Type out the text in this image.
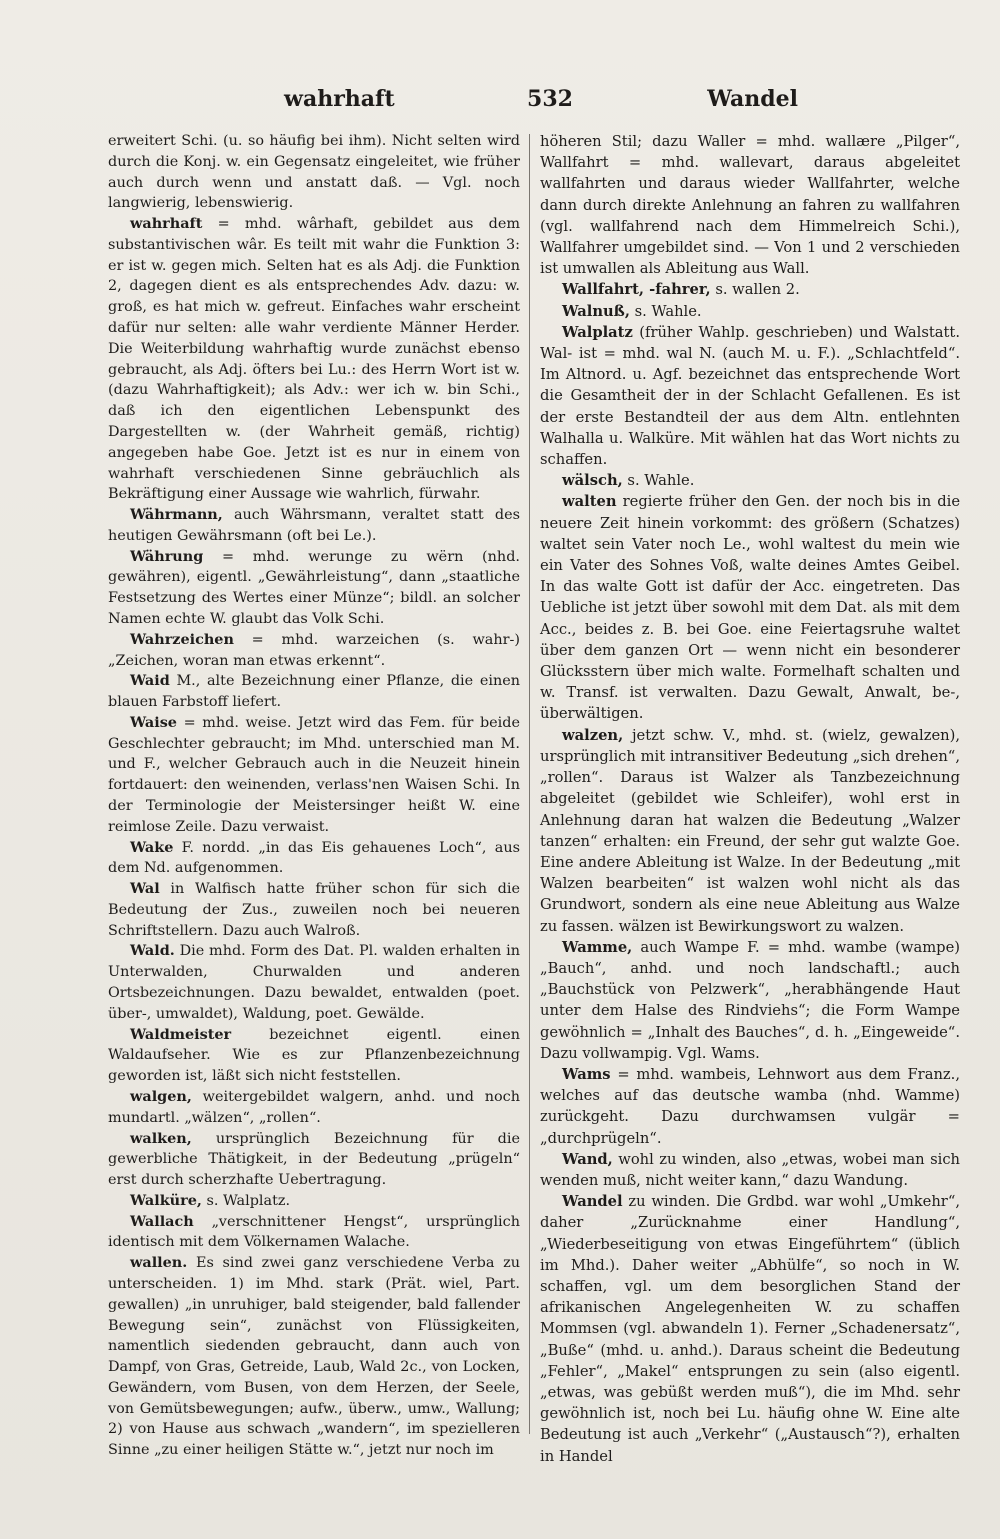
wahrhaft	532	Wandel

erweitert Schi. (u. so häufig bei ihm). Nicht selten wird durch die Konj. w. ein Gegensatz eingeleitet, wie früher auch durch wenn und anstatt daß. — Vgl. noch langwierig, lebenswierig.

wahrhaft = mhd. wârhaft, gebildet aus dem substantivischen wâr. Es teilt mit wahr die Funktion 3: er ist w. gegen mich. Selten hat es als Adj. die Funktion 2, dagegen dient es als entsprechendes Adv. dazu: w. groß, es hat mich w. gefreut. Einfaches wahr erscheint dafür nur selten: alle wahr verdiente Männer Herder. Die Weiterbildung wahrhaftig wurde zunächst ebenso gebraucht, als Adj. öfters bei Lu.: des Herrn Wort ist w. (dazu Wahrhaftigkeit); als Adv.: wer ich w. bin Schi., daß ich den eigentlichen Lebenspunkt des Dargestellten w. (der Wahrheit gemäß, richtig) angegeben habe Goe. Jetzt ist es nur in einem von wahrhaft verschiedenen Sinne gebräuchlich als Bekräftigung einer Aussage wie wahrlich, fürwahr.

Währmann, auch Währsmann, veraltet statt des heutigen Gewährsmann (oft bei Le.).

Währung = mhd. werunge zu wërn (nhd. gewähren), eigentl. „Gewährleistung“, dann „staatliche Festsetzung des Wertes einer Münze“; bildl. an solcher Namen echte W. glaubt das Volk Schi.

Wahrzeichen = mhd. warzeichen (s. wahr-) „Zeichen, woran man etwas erkennt“.

Waid M., alte Bezeichnung einer Pflanze, die einen blauen Farbstoff liefert.

Waise = mhd. weise. Jetzt wird das Fem. für beide Geschlechter gebraucht; im Mhd. unterschied man M. und F., welcher Gebrauch auch in die Neuzeit hinein fortdauert: den weinenden, verlass'nen Waisen Schi. In der Terminologie der Meistersinger heißt W. eine reimlose Zeile. Dazu verwaist.

Wake F. nordd. „in das Eis gehauenes Loch“, aus dem Nd. aufgenommen.

Wal in Walfisch hatte früher schon für sich die Bedeutung der Zus., zuweilen noch bei neueren Schriftstellern. Dazu auch Walroß.

Wald. Die mhd. Form des Dat. Pl. walden erhalten in Unterwalden, Churwalden und anderen Ortsbezeichnungen. Dazu bewaldet, entwalden (poet. über-, umwaldet), Waldung, poet. Gewälde.

Waldmeister	bezeichnet eigentl. einen Waldaufseher. Wie es zur Pflanzenbezeichnung geworden ist, läßt sich nicht feststellen.

walgen, weitergebildet walgern, anhd. und noch mundartl. „wälzen“, „rollen“.

walken, ursprünglich Bezeichnung für die gewerbliche Thätigkeit, in der Bedeutung „prügeln“ erst durch scherzhafte Uebertragung.

Walküre, s. Walplatz.

Wallach „verschnittener Hengst“, ursprünglich identisch mit dem Völkernamen Walache.

wallen. Es sind zwei ganz verschiedene Verba zu unterscheiden. 1) im Mhd. stark (Prät. wiel, Part. gewallen) „in unruhiger, bald steigender, bald fallender Bewegung sein“, zunächst von Flüssigkeiten, namentlich siedenden gebraucht, dann auch von Dampf, von Gras, Getreide, Laub, Wald 2c., von Locken, Gewändern, vom Busen, von dem Herzen, der Seele, von Gemütsbewegungen; aufw., überw., umw., Wallung; 2) von Hause aus schwach „wandern“, im spezielleren Sinne „zu einer heiligen Stätte w.“, jetzt nur noch im

höheren Stil; dazu Waller = mhd. wallære „Pilger“, Wallfahrt = mhd. wallevart, daraus abgeleitet wallfahrten und daraus wieder Wallfahrter, welche dann durch direkte Anlehnung an fahren zu wallfahren (vgl. wallfahrend nach dem Himmelreich Schi.), Wallfahrer umgebildet sind. — Von 1 und 2 verschieden ist umwallen als Ableitung aus Wall.

Wallfahrt, -fahrer, s. wallen 2.

Walnuß, s. Wahle.

Walplatz (früher Wahlp. geschrieben) und Walstatt. Wal- ist = mhd. wal N. (auch M. u. F.). „Schlachtfeld“. Im Altnord. u. Agf. bezeichnet das entsprechende Wort die Gesamtheit der in der Schlacht Gefallenen. Es ist der erste Bestandteil der aus dem Altn. entlehnten Walhalla u. Walküre. Mit wählen hat das Wort nichts zu schaffen.

wälsch, s. Wahle.

walten regierte früher den Gen. der noch bis in die neuere Zeit hinein vorkommt: des größern (Schatzes) waltet sein Vater noch Le., wohl waltest du mein wie ein Vater des Sohnes Voß, walte deines Amtes Geibel. In das walte Gott ist dafür der Acc. eingetreten. Das Uebliche ist jetzt über sowohl mit dem Dat. als mit dem Acc., beides z. B. bei Goe. eine Feiertagsruhe waltet über dem ganzen Ort — wenn nicht ein besonderer Glücksstern über mich walte. Formelhaft schalten und w. Transf. ist verwalten. Dazu Gewalt, Anwalt, be-, überwältigen.

walzen, jetzt schw. V., mhd. st. (wielz, gewalzen), ursprünglich mit intransitiver Bedeutung „sich drehen“, „rollen“. Daraus ist Walzer als Tanzbezeichnung abgeleitet (gebildet wie Schleifer), wohl erst in Anlehnung daran hat walzen die Bedeutung „Walzer tanzen“ erhalten: ein Freund, der sehr gut walzte Goe. Eine andere Ableitung ist Walze. In der Bedeutung „mit Walzen bearbeiten“ ist walzen wohl nicht als das Grundwort, sondern als eine neue Ableitung aus Walze zu fassen. wälzen ist Bewirkungswort zu walzen.

Wamme, auch Wampe F. = mhd. wambe (wampe) „Bauch“, anhd. und noch landschaftl.; auch „Bauchstück von Pelzwerk“, „herabhängende Haut unter dem Halse des Rindviehs“; die Form Wampe gewöhnlich = „Inhalt des Bauches“, d. h. „Eingeweide“. Dazu vollwampig. Vgl. Wams.

Wams = mhd. wambeis, Lehnwort aus dem Franz., welches auf das deutsche wamba (nhd. Wamme) zurückgeht. Dazu durchwamsen vulgär = „durchprügeln“.

Wand, wohl zu winden, also „etwas, wobei man sich wenden muß, nicht weiter kann,“ dazu Wandung.

Wandel zu winden. Die Grdbd. war wohl „Umkehr“, daher „Zurücknahme einer Handlung“, „Wiederbeseitigung von etwas Eingeführtem“ (üblich im Mhd.). Daher weiter „Abhülfe“, so noch in W. schaffen, vgl. um dem besorglichen Stand der afrikanischen Angelegenheiten W. zu schaffen Mommsen (vgl. abwandeln 1). Ferner „Schadenersatz“, „Buße“ (mhd. u. anhd.). Daraus scheint die Bedeutung „Fehler“, „Makel“ entsprungen zu sein (also eigentl. „etwas, was gebüßt werden muß“), die im Mhd. sehr gewöhnlich ist, noch bei Lu. häufig ohne W. Eine alte Bedeutung ist auch „Verkehr“ („Austausch“?), erhalten in Handel
